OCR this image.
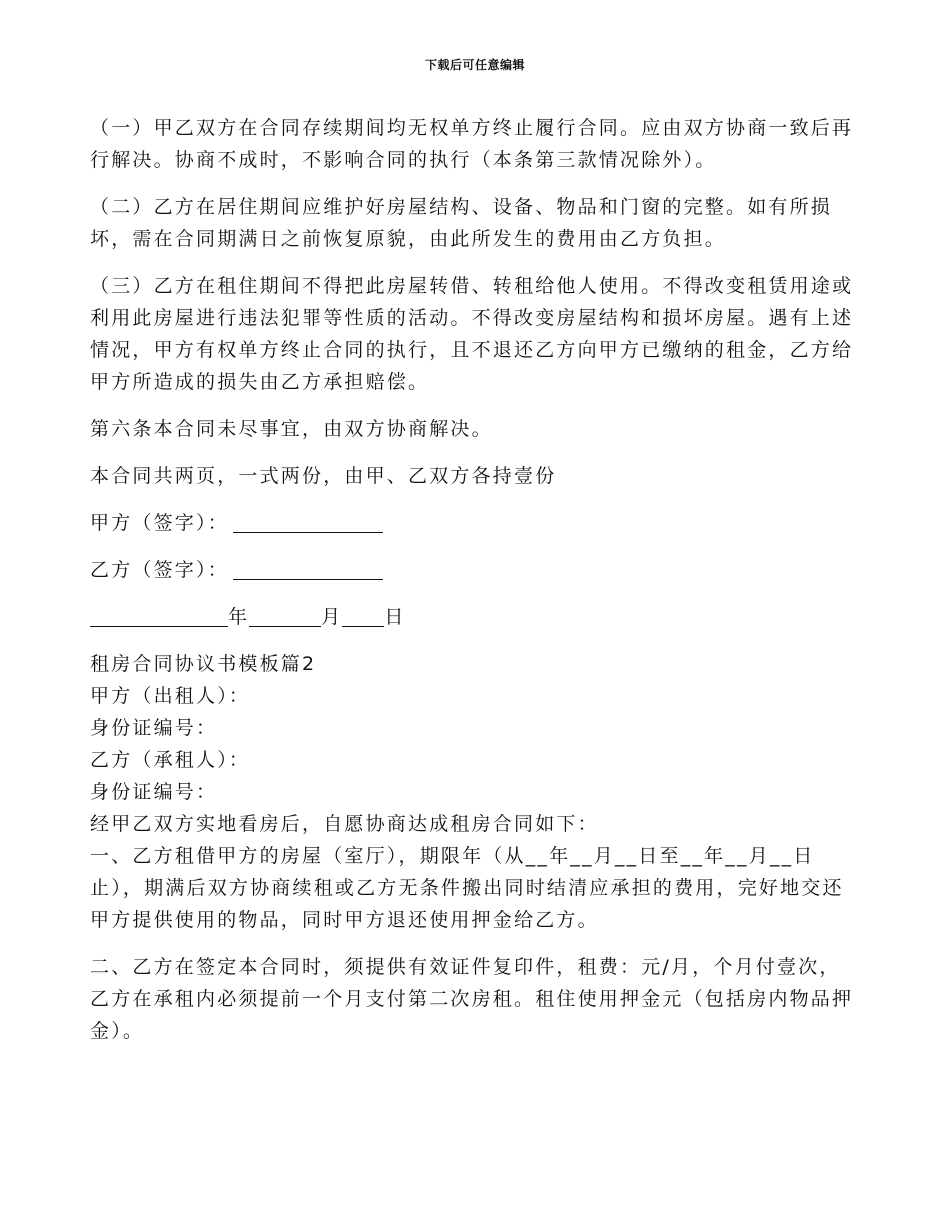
下载后可任意编辑

（一）甲乙双方在合同存续期间均无权单方终止履行合同。应由双方协商一致后再行解决。协商不成时，不影响合同的执行（本条第三款情况除外）。

（二）乙方在居住期间应维护好房屋结构、设备、物品和门窗的完整。如有所损坏，需在合同期满日之前恢复原貌，由此所发生的费用由乙方负担。

（三）乙方在租住期间不得把此房屋转借、转租给他人使用。不得改变租赁用途或利用此房屋进行违法犯罪等性质的活动。不得改变房屋结构和损坏房屋。遇有上述情况，甲方有权单方终止合同的执行，且不退还乙方向甲方已缴纳的租金，乙方给甲方所造成的损失由乙方承担赔偿。

第六条本合同未尽事宜，由双方协商解决。

本合同共两页，一式两份，由甲、乙双方各持壹份

甲方（签字）：

乙方（签字）：

年	月 日

租房合同协议书模板篇2

甲方（出租人）：

身份证编号：

乙方（承租人）：

身份证编号：

经甲乙双方实地看房后，自愿协商达成租房合同如下：

一、乙方租借甲方的房屋（室厅），期限年（从__年__月__日至__年__月__日止），期满后双方协商续租或乙方无条件搬出同时结清应承担的费用，完好地交还甲方提供使用的物品，同时甲方退还使用押金给乙方。

二、乙方在签定本合同时，须提供有效证件复印件，租费：元/月，个月付壹次，乙方在承租内必须提前一个月支付第二次房租。租住使用押金元（包括房内物品押金）。
